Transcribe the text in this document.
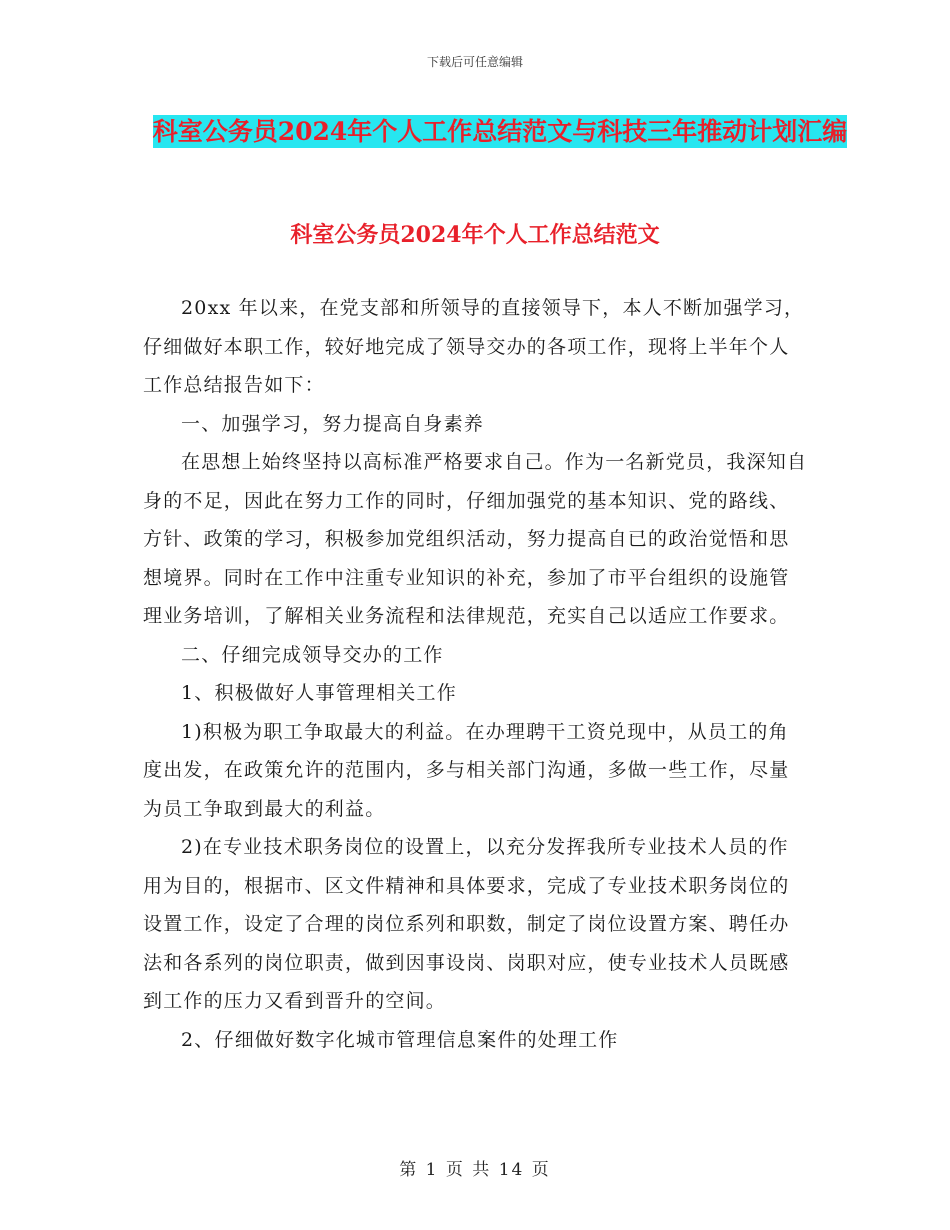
下载后可任意编辑
科室公务员2024年个人工作总结范文与科技三年推动计划汇编
科室公务员2024年个人工作总结范文

20xx 年以来，在党支部和所领导的直接领导下，本人不断加强学习，仔细做好本职工作，较好地完成了领导交办的各项工作，现将上半年个人工作总结报告如下：

一、加强学习，努力提高自身素养

在思想上始终坚持以高标准严格要求自己。作为一名新党员，我深知自身的不足，因此在努力工作的同时，仔细加强党的基本知识、党的路线、方针、政策的学习，积极参加党组织活动，努力提高自已的政治觉悟和思想境界。同时在工作中注重专业知识的补充，参加了市平台组织的设施管理业务培训，了解相关业务流程和法律规范，充实自己以适应工作要求。

二、仔细完成领导交办的工作

1、积极做好人事管理相关工作

1)积极为职工争取最大的利益。在办理聘干工资兑现中，从员工的角度出发，在政策允许的范围内，多与相关部门沟通，多做一些工作，尽量为员工争取到最大的利益。

2)在专业技术职务岗位的设置上，以充分发挥我所专业技术人员的作用为目的，根据市、区文件精神和具体要求，完成了专业技术职务岗位的设置工作，设定了合理的岗位系列和职数，制定了岗位设置方案、聘任办法和各系列的岗位职责，做到因事设岗、岗职对应，使专业技术人员既感到工作的压力又看到晋升的空间。

2、仔细做好数字化城市管理信息案件的处理工作

第 1 页 共 14 页
